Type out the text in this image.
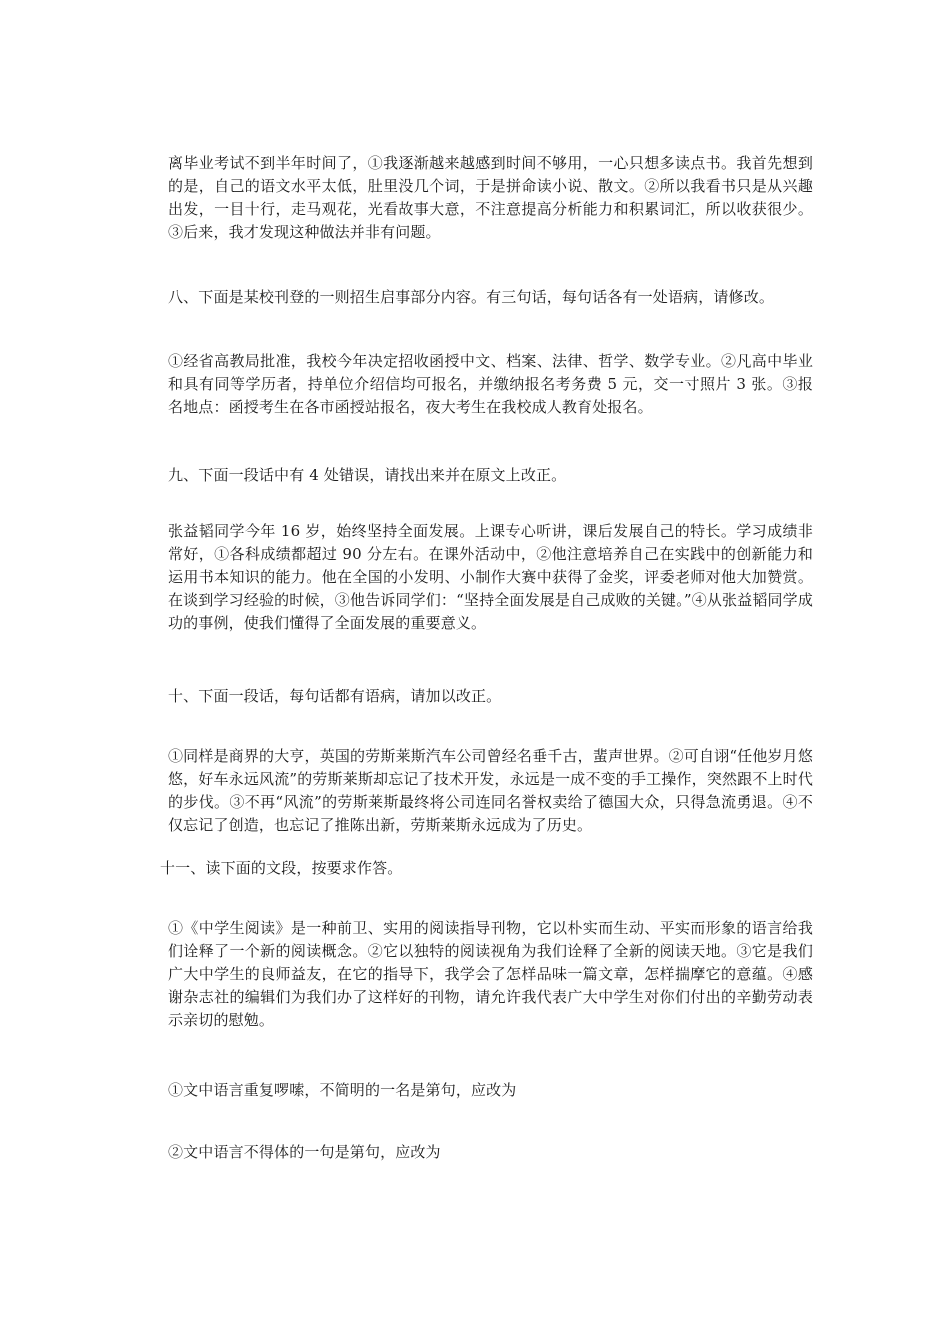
离毕业考试不到半年时间了，①我逐渐越来越感到时间不够用，一心只想多读点书。我首先想到的是，自己的语文水平太低，肚里没几个词，于是拼命读小说、散文。②所以我看书只是从兴趣出发，一目十行，走马观花，光看故事大意，不注意提高分析能力和积累词汇，所以收获很少。③后来，我才发现这种做法并非有问题。

八、下面是某校刊登的一则招生启事部分内容。有三句话，每句话各有一处语病，请修改。

①经省高教局批准，我校今年决定招收函授中文、档案、法律、哲学、数学专业。②凡高中毕业和具有同等学历者，持单位介绍信均可报名，并缴纳报名考务费 5 元，交一寸照片 3 张。③报名地点：函授考生在各市函授站报名，夜大考生在我校成人教育处报名。

九、下面一段话中有 4 处错误，请找出来并在原文上改正。

张益韬同学今年 16 岁，始终坚持全面发展。上课专心听讲，课后发展自己的特长。学习成绩非常好，①各科成绩都超过 90 分左右。在课外活动中，②他注意培养自己在实践中的创新能力和运用书本知识的能力。他在全国的小发明、小制作大赛中获得了金奖，评委老师对他大加赞赏。在谈到学习经验的时候，③他告诉同学们：“坚持全面发展是自己成败的关键。”④从张益韬同学成功的事例，使我们懂得了全面发展的重要意义。

十、下面一段话，每句话都有语病，请加以改正。

①同样是商界的大亨，英国的劳斯莱斯汽车公司曾经名垂千古，蜚声世界。②可自诩“任他岁月悠悠，好车永远风流”的劳斯莱斯却忘记了技术开发，永远是一成不变的手工操作，突然跟不上时代的步伐。③不再“风流”的劳斯莱斯最终将公司连同名誉权卖给了德国大众，只得急流勇退。④不仅忘记了创造，也忘记了推陈出新，劳斯莱斯永远成为了历史。

十一、读下面的文段，按要求作答。

①《中学生阅读》是一种前卫、实用的阅读指导刊物，它以朴实而生动、平实而形象的语言给我们诠释了一个新的阅读概念。②它以独特的阅读视角为我们诠释了全新的阅读天地。③它是我们广大中学生的良师益友，在它的指导下，我学会了怎样品味一篇文章，怎样揣摩它的意蕴。④感谢杂志社的编辑们为我们办了这样好的刊物，请允许我代表广大中学生对你们付出的辛勤劳动表示亲切的慰勉。

①文中语言重复啰嗦，不简明的一名是第句，应改为

②文中语言不得体的一句是第句，应改为
